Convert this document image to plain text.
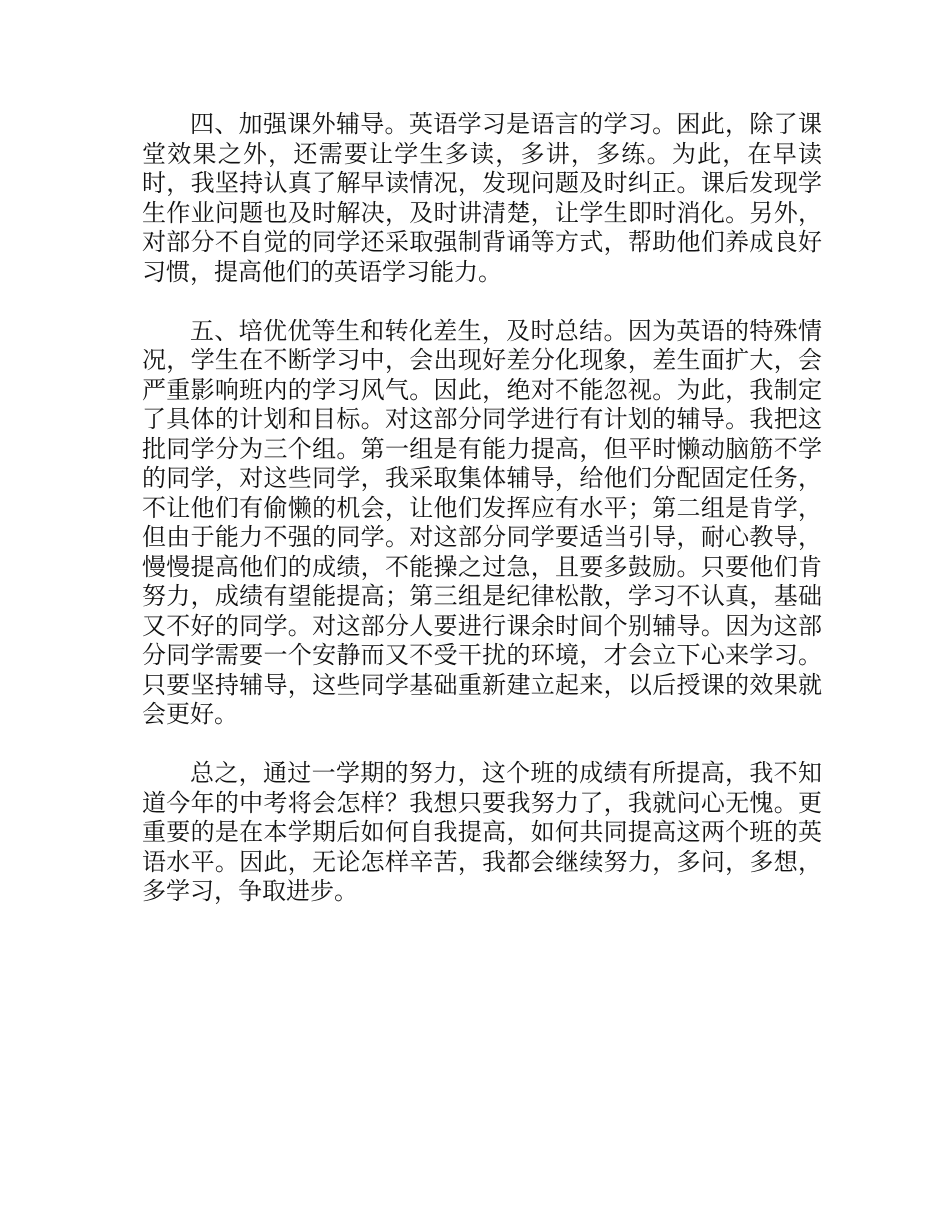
四、加强课外辅导。英语学习是语言的学习。困此，除了课堂效果之外，还需要让学生多读，多讲，多练。为此，在早读时，我坚持认真了解早读情况，发现问题及时纠正。课后发现学生作业问题也及时解决，及时讲清楚，让学生即时消化。另外，对部分不自觉的同学还采取强制背诵等方式，帮助他们养成良好习惯，提高他们的英语学习能力。

五、培优优等生和转化差生，及时总结。因为英语的特殊情况，学生在不断学习中，会出现好差分化现象，差生面扩大，会严重影响班内的学习风气。因此，绝对不能忽视。为此，我制定了具体的计划和目标。对这部分同学进行有计划的辅导。我把这批同学分为三个组。第一组是有能力提高，但平时懒动脑筋不学的同学，对这些同学，我采取集体辅导，给他们分配固定任务，不让他们有偷懒的机会，让他们发挥应有水平；第二组是肯学，但由于能力不强的同学。对这部分同学要适当引导，耐心教导，慢慢提高他们的成绩，不能操之过急，且要多鼓励。只要他们肯努力，成绩有望能提高；第三组是纪律松散，学习不认真，基础又不好的同学。对这部分人要进行课余时间个别辅导。因为这部分同学需要一个安静而又不受干扰的环境，才会立下心来学习。只要坚持辅导，这些同学基础重新建立起来，以后授课的效果就会更好。

总之，通过一学期的努力，这个班的成绩有所提高，我不知道今年的中考将会怎样？我想只要我努力了，我就问心无愧。更重要的是在本学期后如何自我提高，如何共同提高这两个班的英语水平。因此，无论怎样辛苦，我都会继续努力，多问，多想，多学习，争取进步。
